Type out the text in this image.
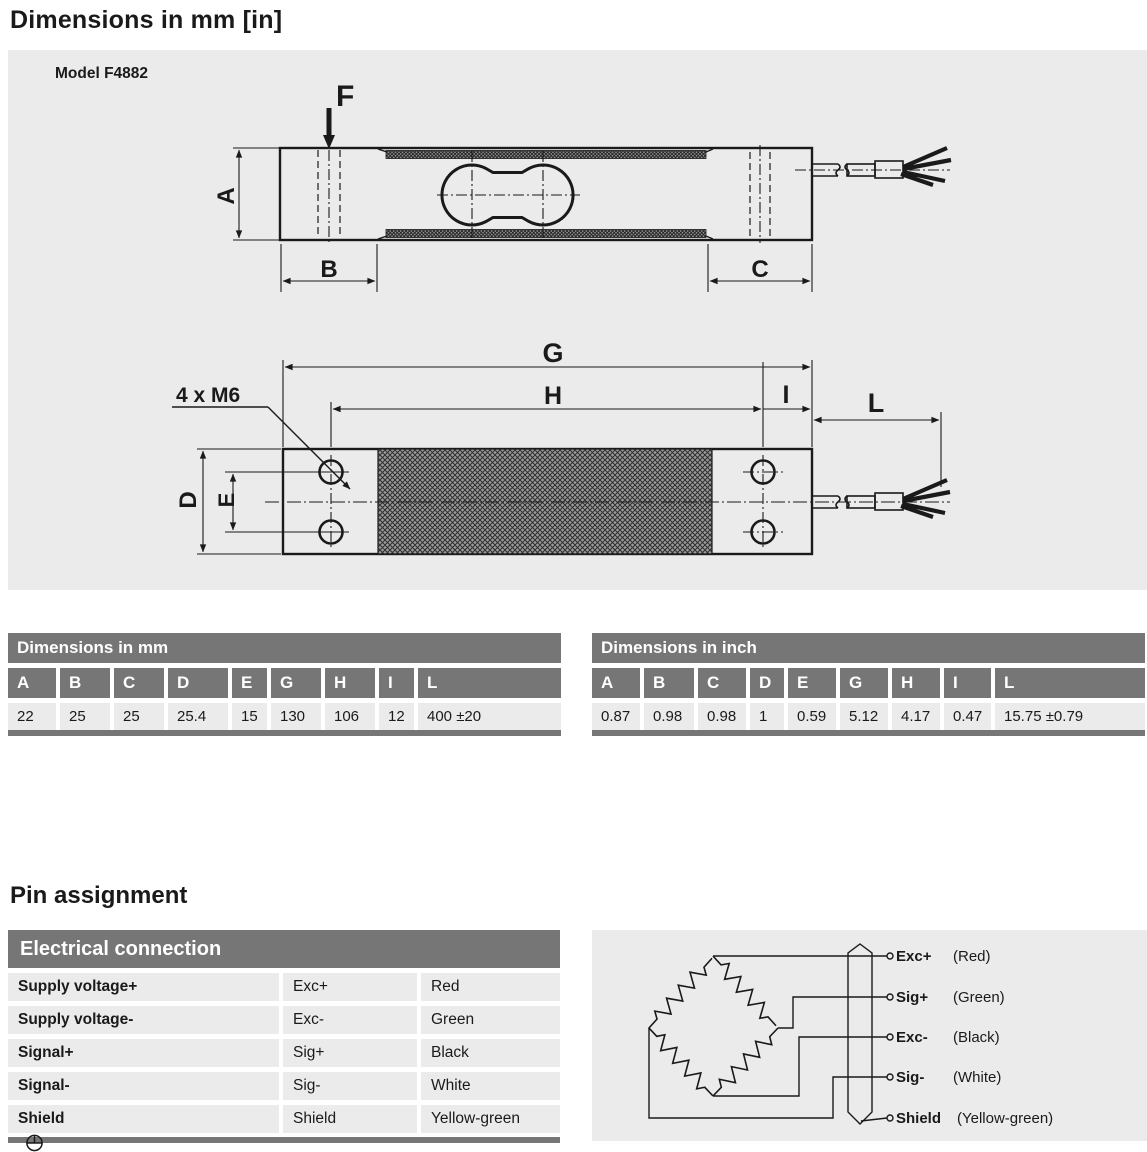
Dimensions in mm [in]
Model F4882
F
A
B	C
G
H	I	L
D E
4 x M6
Dimensions in mm
A	B	C	D	E	G	H	I	L
22	25	25	25.4	15	130	106	12	400 ±20
Dimensions in inch
A	B	C	D	E	G	H	I	L
0.87	0.98	0.98	1	0.59	5.12	4.17	0.47	15.75 ±0.79
Pin assignment
Electrical connection
Supply voltage+	Exc+	Red
Supply voltage-	Exc-	Green
Signal+	Sig+	Black
Signal-	Sig-	White
Shield	Shield	Yellow-green
Exc+
Sig+
Exc-
Sig-
Shield
(Red)
(Green)
(Black)
(White)
(Yellow-green)
